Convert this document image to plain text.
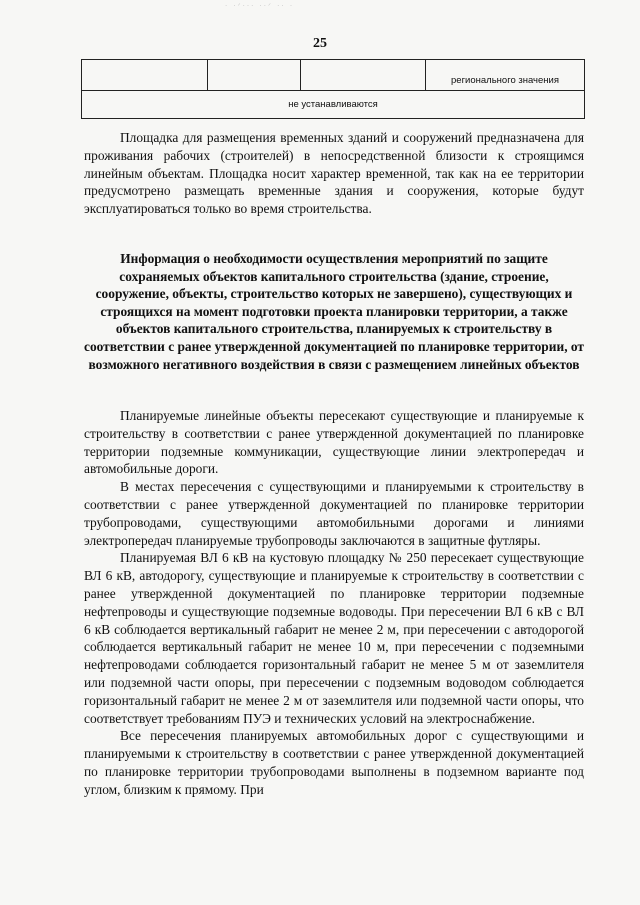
· ·ᐟ··· ··ᐟ ·· ·
25
			регионального значения
не устанавливаются

Площадка для размещения временных зданий и сооружений предназначена для проживания рабочих (строителей) в непосредственной близости к строящимся линейным объектам. Площадка носит характер временной, так как на ее территории предусмотрено размещать временные здания и сооружения, которые будут эксплуатироваться только во время строительства.

Информация о необходимости осуществления мероприятий по защите сохраняемых объектов капитального строительства (здание, строение, сооружение, объекты, строительство которых не завершено), существующих и строящихся на момент подготовки проекта планировки территории, а также объектов капитального строительства, планируемых к строительству в соответствии с ранее утвержденной документацией по планировке территории, от возможного негативного воздействия в связи с размещением линейных объектов

Планируемые линейные объекты пересекают существующие и планируемые к строительству в соответствии с ранее утвержденной документацией по планировке территории подземные коммуникации, существующие линии электропередач и автомобильные дороги.

В местах пересечения с существующими и планируемыми к строительству в соответствии с ранее утвержденной документацией по планировке территории трубопроводами, существующими автомобильными дорогами и линиями электропередач планируемые трубопроводы заключаются в защитные футляры.

Планируемая ВЛ 6 кВ на кустовую площадку № 250 пересекает существующие ВЛ 6 кВ, автодорогу, существующие и планируемые к строительству в соответствии с ранее утвержденной документацией по планировке территории подземные нефтепроводы и существующие подземные водоводы. При пересечении ВЛ 6 кВ с ВЛ 6 кВ соблюдается вертикальный габарит не менее 2 м, при пересечении с автодорогой соблюдается вертикальный габарит не менее 10 м, при пересечении с подземными нефтепроводами соблюдается горизонтальный габарит не менее 5 м от заземлителя или подземной части опоры, при пересечении с подземным водоводом соблюдается горизонтальный габарит не менее 2 м от заземлителя или подземной части опоры, что соответствует требованиям ПУЭ и технических условий на электроснабжение.

Все пересечения планируемых автомобильных дорог с существующими и планируемыми к строительству в соответствии с ранее утвержденной документацией по планировке территории трубопроводами выполнены в подземном варианте под углом, близким к прямому. При
